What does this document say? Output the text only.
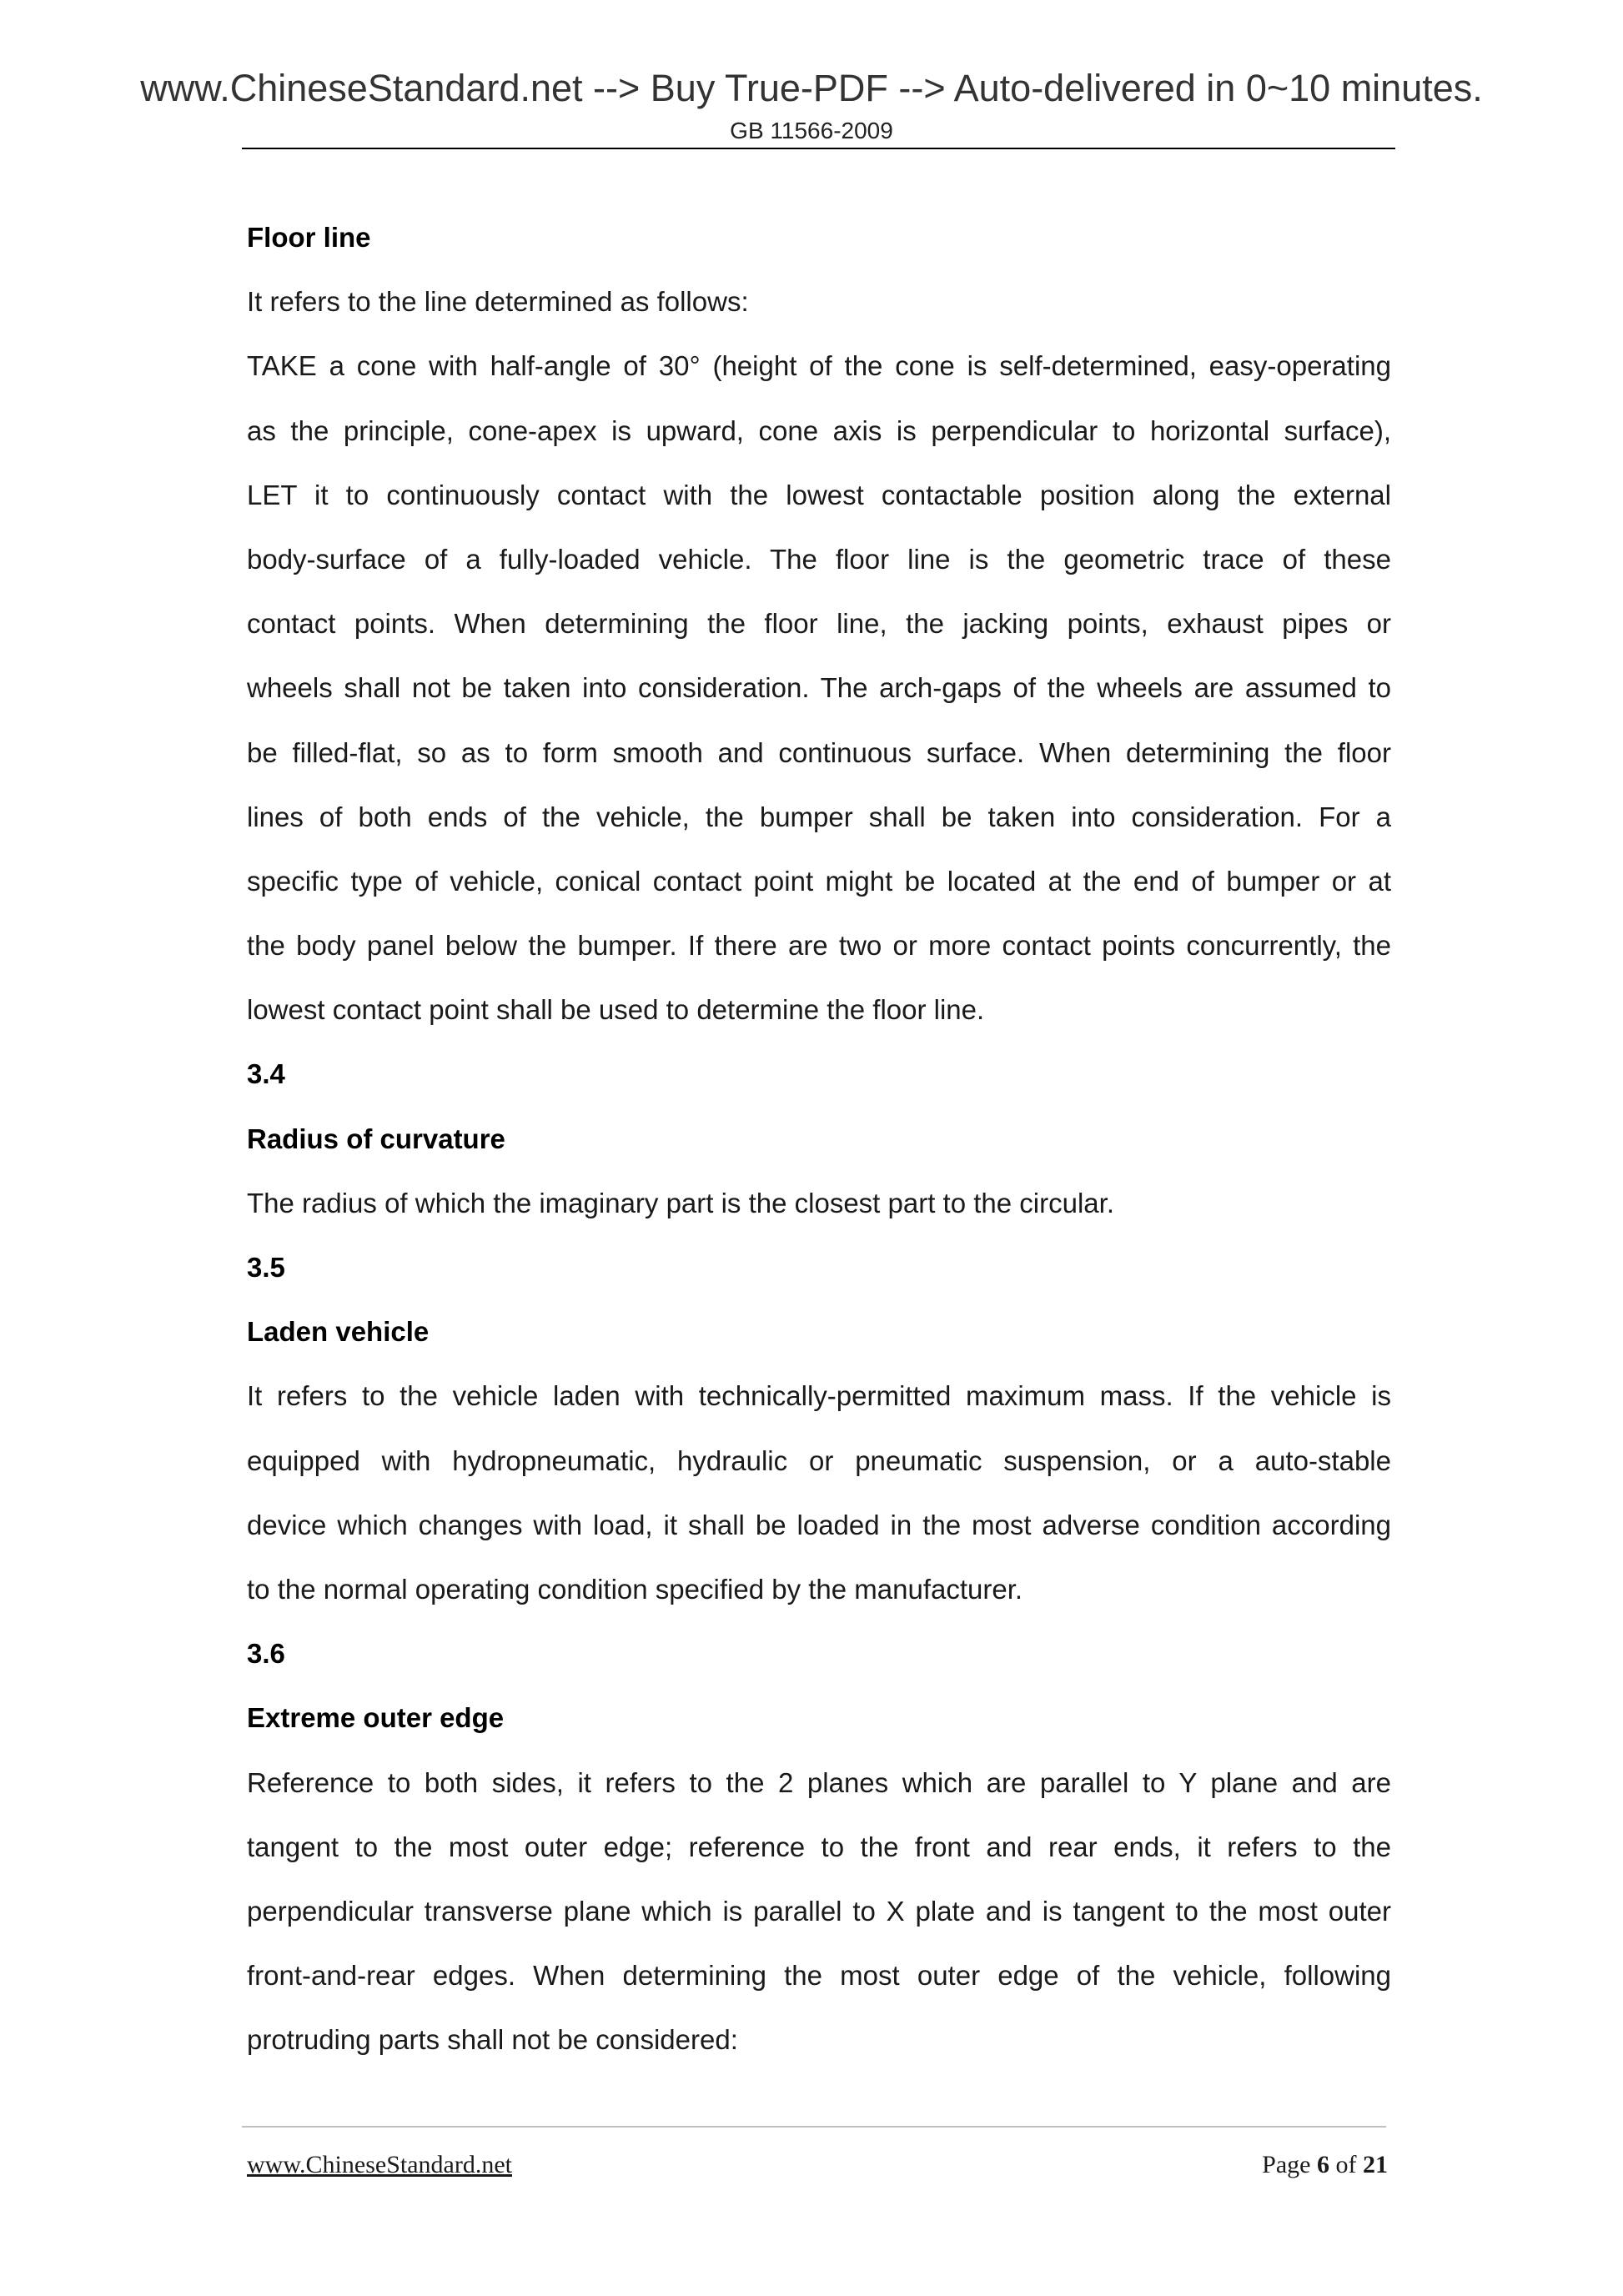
www.ChineseStandard.net --> Buy True-PDF --> Auto-delivered in 0~10 minutes.
GB 11566-2009
Floor line
It refers to the line determined as follows:
TAKE a cone with half-angle of 30° (height of the cone is self-determined, easy-operating
as the principle, cone-apex is upward, cone axis is perpendicular to horizontal surface),
LET it to continuously contact with the lowest contactable position along the external
body-surface of a fully-loaded vehicle. The floor line is the geometric trace of these
contact points. When determining the floor line, the jacking points, exhaust pipes or
wheels shall not be taken into consideration. The arch-gaps of the wheels are assumed to
be filled-flat, so as to form smooth and continuous surface. When determining the floor
lines of both ends of the vehicle, the bumper shall be taken into consideration. For a
specific type of vehicle, conical contact point might be located at the end of bumper or at
the body panel below the bumper. If there are two or more contact points concurrently, the
lowest contact point shall be used to determine the floor line.
3.4
Radius of curvature
The radius of which the imaginary part is the closest part to the circular.
3.5
Laden vehicle
It refers to the vehicle laden with technically-permitted maximum mass. If the vehicle is
equipped with hydropneumatic, hydraulic or pneumatic suspension, or a auto-stable
device which changes with load, it shall be loaded in the most adverse condition according
to the normal operating condition specified by the manufacturer.
3.6
Extreme outer edge
Reference to both sides, it refers to the 2 planes which are parallel to Y plane and are
tangent to the most outer edge; reference to the front and rear ends, it refers to the
perpendicular transverse plane which is parallel to X plate and is tangent to the most outer
front-and-rear edges. When determining the most outer edge of the vehicle, following
protruding parts shall not be considered:
www.ChineseStandard.net	Page 6 of 21
